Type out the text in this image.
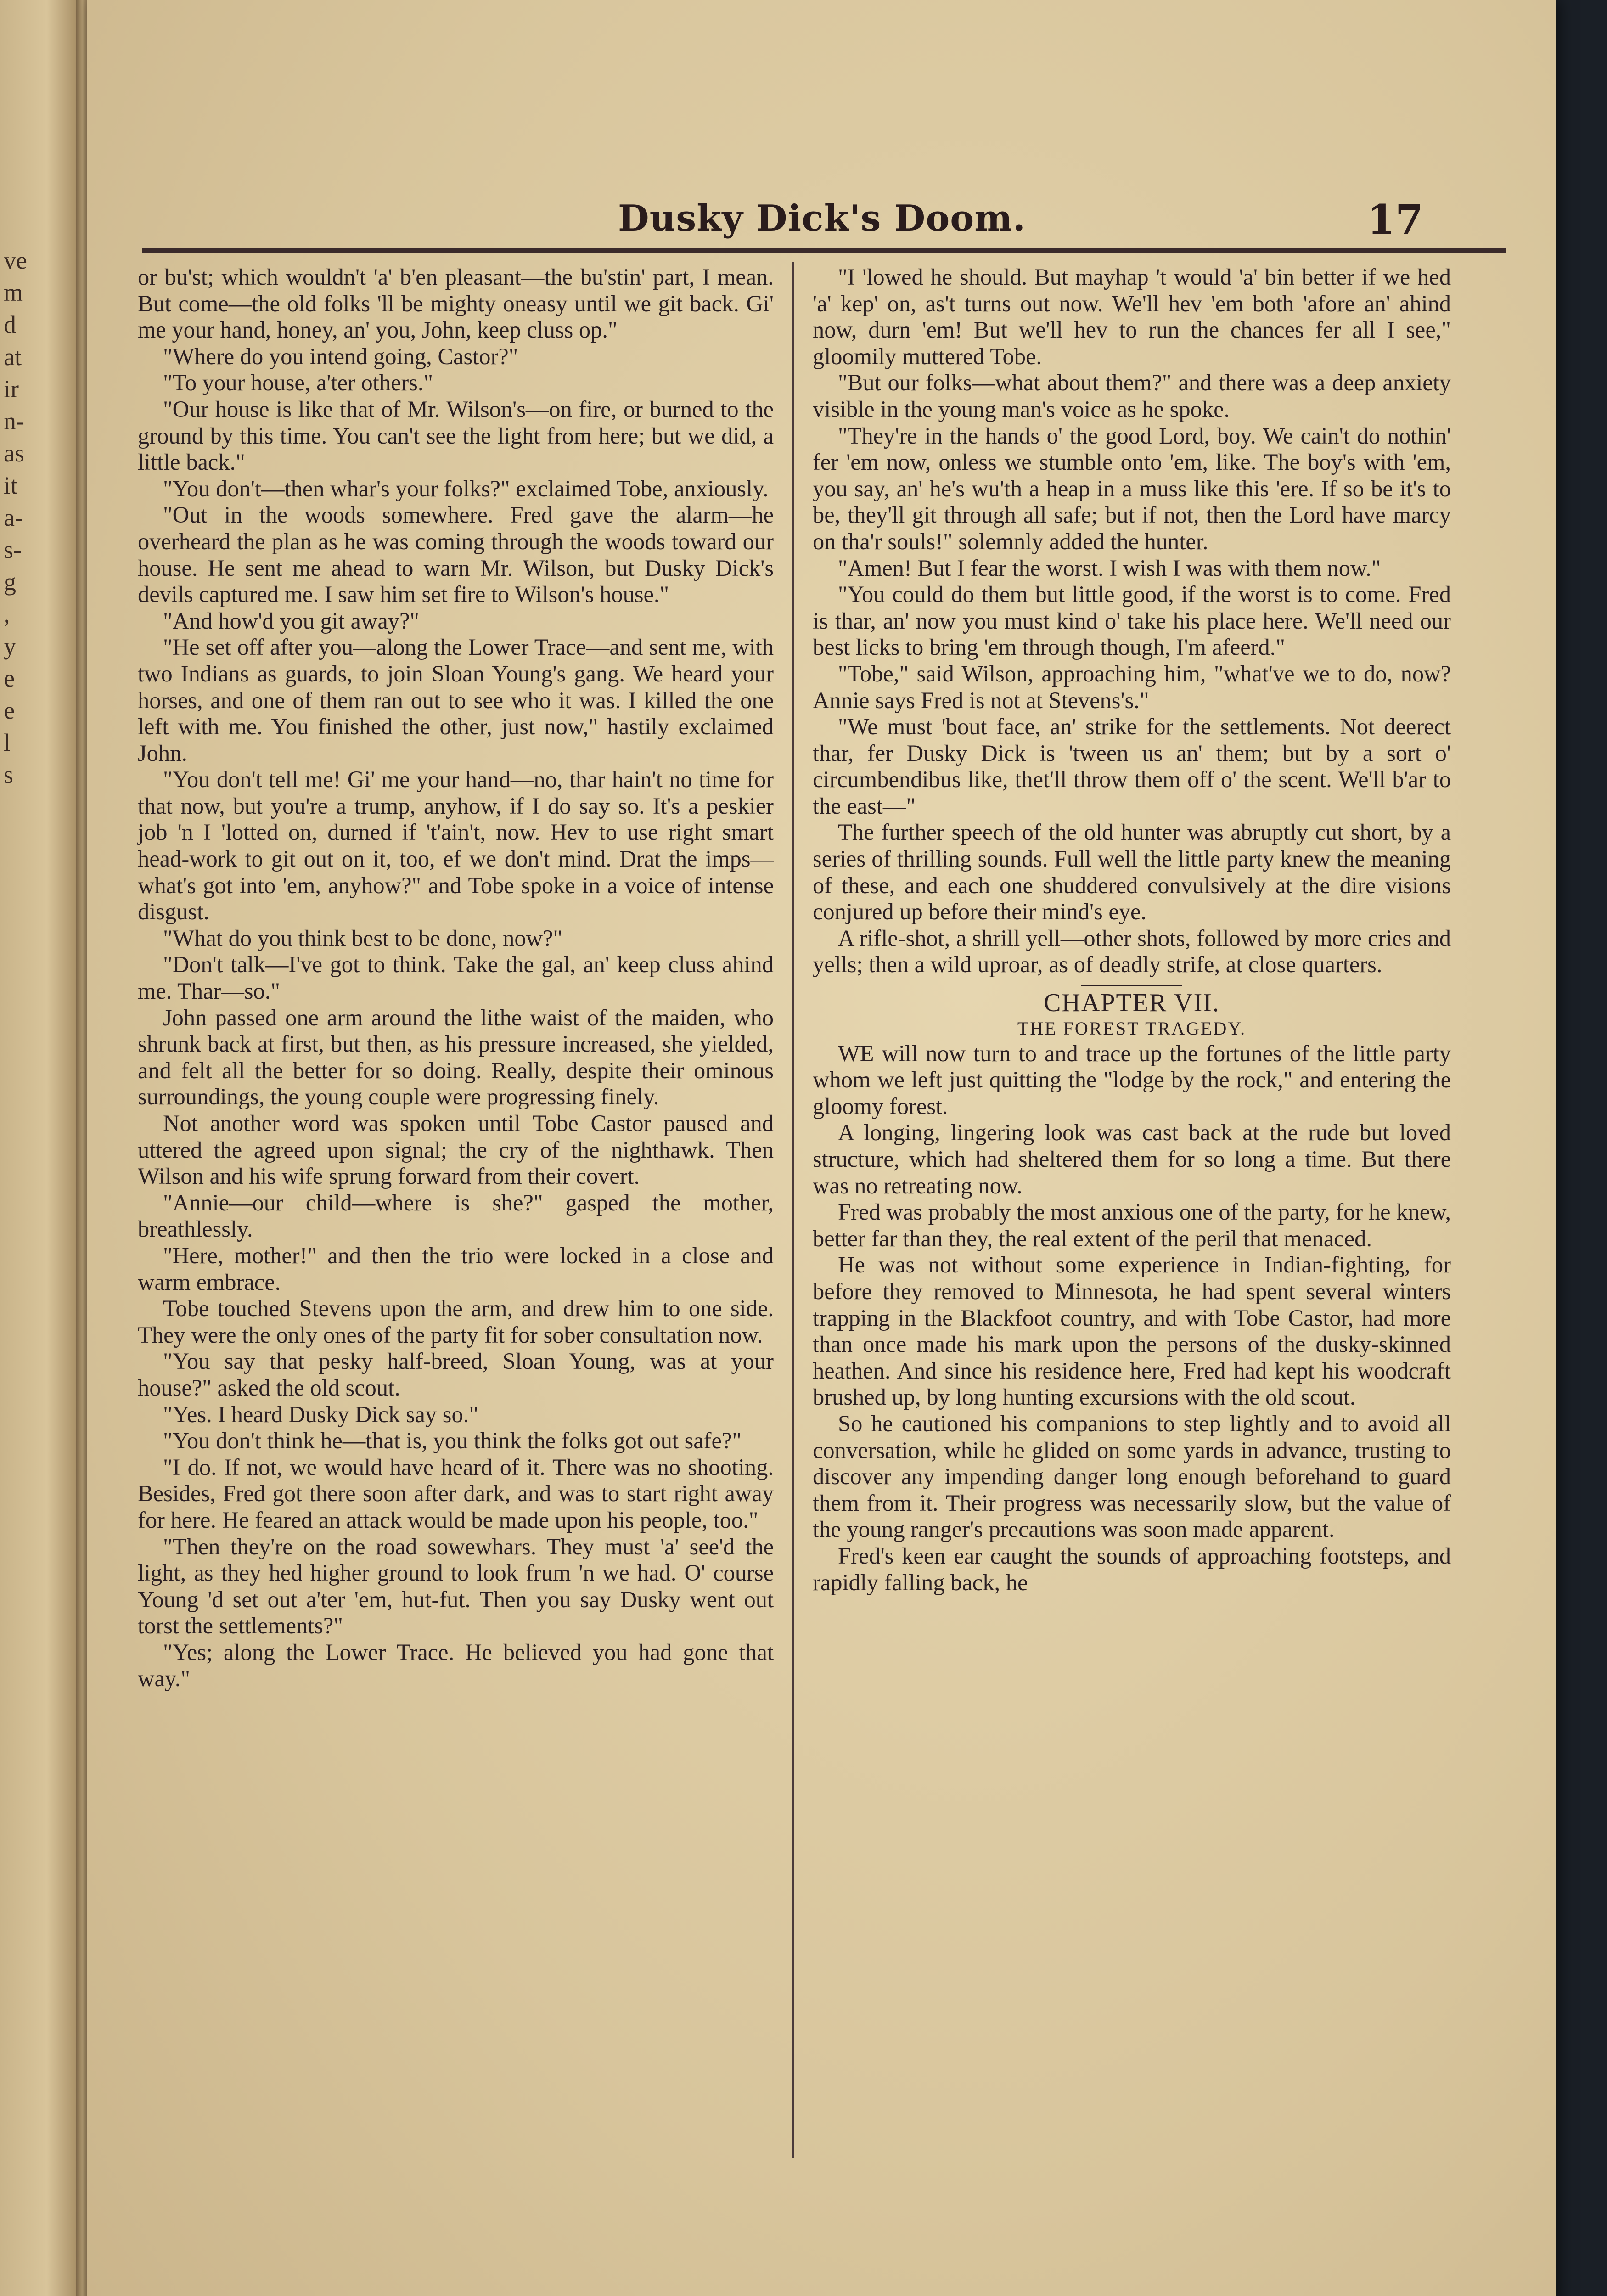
ve
m
d
at
ir
n-
as
it
a-
s-
g
,
y
e
e
l
s
Dusky Dick's Doom.	17

or bu'st; which wouldn't 'a' b'en pleasant—the bu'stin' part, I mean. But come—the old folks 'll be mighty oneasy until we git back. Gi' me your hand, honey, an' you, John, keep cluss op."

"Where do you intend going, Castor?"

"To your house, a'ter others."

"Our house is like that of Mr. Wilson's—on fire, or burned to the ground by this time. You can't see the light from here; but we did, a little back."

"You don't—then whar's your folks?" exclaimed Tobe, anxiously.

"Out in the woods somewhere. Fred gave the alarm—he overheard the plan as he was coming through the woods toward our house. He sent me ahead to warn Mr. Wilson, but Dusky Dick's devils captured me. I saw him set fire to Wilson's house."

"And how'd you git away?"

"He set off after you—along the Lower Trace—and sent me, with two Indians as guards, to join Sloan Young's gang. We heard your horses, and one of them ran out to see who it was. I killed the one left with me. You finished the other, just now," hastily exclaimed John.

"You don't tell me! Gi' me your hand—no, thar hain't no time for that now, but you're a trump, anyhow, if I do say so. It's a peskier job 'n I 'lotted on, durned if 't'ain't, now. Hev to use right smart head-work to git out on it, too, ef we don't mind. Drat the imps—what's got into 'em, anyhow?" and Tobe spoke in a voice of intense disgust.

"What do you think best to be done, now?"

"Don't talk—I've got to think. Take the gal, an' keep cluss ahind me. Thar—so."

John passed one arm around the lithe waist of the maiden, who shrunk back at first, but then, as his pressure increased, she yielded, and felt all the better for so doing. Really, despite their ominous surroundings, the young couple were progressing finely.

Not another word was spoken until Tobe Castor paused and uttered the agreed upon signal; the cry of the nighthawk. Then Wilson and his wife sprung forward from their covert.

"Annie—our child—where is she?" gasped the mother, breathlessly.

"Here, mother!" and then the trio were locked in a close and warm embrace.

Tobe touched Stevens upon the arm, and drew him to one side. They were the only ones of the party fit for sober consultation now.

"You say that pesky half-breed, Sloan Young, was at your house?" asked the old scout.

"Yes. I heard Dusky Dick say so."

"You don't think he—that is, you think the folks got out safe?"

"I do. If not, we would have heard of it. There was no shooting. Besides, Fred got there soon after dark, and was to start right away for here. He feared an attack would be made upon his people, too."

"Then they're on the road sowewhars. They must 'a' see'd the light, as they hed higher ground to look frum 'n we had. O' course Young 'd set out a'ter 'em, hut-fut. Then you say Dusky went out torst the settlements?"

"Yes; along the Lower Trace. He believed you had gone that way."

"I 'lowed he should. But mayhap 't would 'a' bin better if we hed 'a' kep' on, as't turns out now. We'll hev 'em both 'afore an' ahind now, durn 'em! But we'll hev to run the chances fer all I see," gloomily muttered Tobe.

"But our folks—what about them?" and there was a deep anxiety visible in the young man's voice as he spoke.

"They're in the hands o' the good Lord, boy. We cain't do nothin' fer 'em now, onless we stumble onto 'em, like. The boy's with 'em, you say, an' he's wu'th a heap in a muss like this 'ere. If so be it's to be, they'll git through all safe; but if not, then the Lord have marcy on tha'r souls!" solemnly added the hunter.

"Amen! But I fear the worst. I wish I was with them now."

"You could do them but little good, if the worst is to come. Fred is thar, an' now you must kind o' take his place here. We'll need our best licks to bring 'em through though, I'm afeerd."

"Tobe," said Wilson, approaching him, "what've we to do, now? Annie says Fred is not at Stevens's."

"We must 'bout face, an' strike for the settlements. Not deerect thar, fer Dusky Dick is 'tween us an' them; but by a sort o' circumbendibus like, thet'll throw them off o' the scent. We'll b'ar to the east—"

The further speech of the old hunter was abruptly cut short, by a series of thrilling sounds. Full well the little party knew the meaning of these, and each one shuddered convulsively at the dire visions conjured up before their mind's eye.

A rifle-shot, a shrill yell—other shots, followed by more cries and yells; then a wild uproar, as of deadly strife, at close quarters.

CHAPTER VII.
THE FOREST TRAGEDY.

WE will now turn to and trace up the fortunes of the little party whom we left just quitting the "lodge by the rock," and entering the gloomy forest.

A longing, lingering look was cast back at the rude but loved structure, which had sheltered them for so long a time. But there was no retreating now.

Fred was probably the most anxious one of the party, for he knew, better far than they, the real extent of the peril that menaced.

He was not without some experience in Indian-fighting, for before they removed to Minnesota, he had spent several winters trapping in the Blackfoot country, and with Tobe Castor, had more than once made his mark upon the persons of the dusky-skinned heathen. And since his residence here, Fred had kept his woodcraft brushed up, by long hunting excursions with the old scout.

So he cautioned his companions to step lightly and to avoid all conversation, while he glided on some yards in advance, trusting to discover any impending danger long enough beforehand to guard them from it. Their progress was necessarily slow, but the value of the young ranger's precautions was soon made apparent.

Fred's keen ear caught the sounds of approaching footsteps, and rapidly falling back, he
